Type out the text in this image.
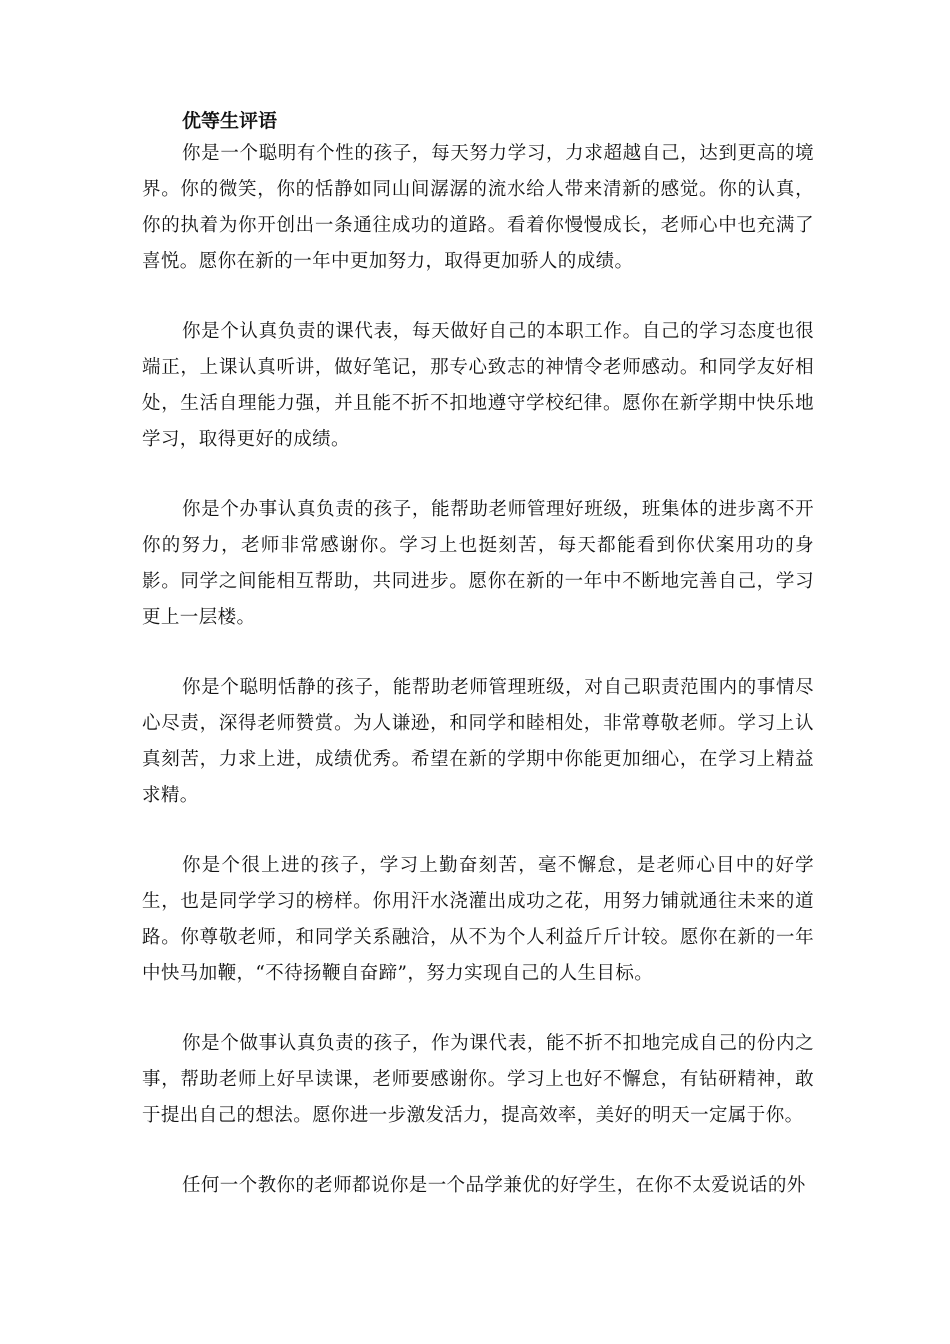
优等生评语

你是一个聪明有个性的孩子，每天努力学习，力求超越自己，达到更高的境界。你的微笑，你的恬静如同山间潺潺的流水给人带来清新的感觉。你的认真，你的执着为你开创出一条通往成功的道路。看着你慢慢成长，老师心中也充满了喜悦。愿你在新的一年中更加努力，取得更加骄人的成绩。

你是个认真负责的课代表，每天做好自己的本职工作。自己的学习态度也很端正，上课认真听讲，做好笔记，那专心致志的神情令老师感动。和同学友好相处，生活自理能力强，并且能不折不扣地遵守学校纪律。愿你在新学期中快乐地学习，取得更好的成绩。

你是个办事认真负责的孩子，能帮助老师管理好班级，班集体的进步离不开你的努力，老师非常感谢你。学习上也挺刻苦，每天都能看到你伏案用功的身影。同学之间能相互帮助，共同进步。愿你在新的一年中不断地完善自己，学习更上一层楼。

你是个聪明恬静的孩子，能帮助老师管理班级，对自己职责范围内的事情尽心尽责，深得老师赞赏。为人谦逊，和同学和睦相处，非常尊敬老师。学习上认真刻苦，力求上进，成绩优秀。希望在新的学期中你能更加细心，在学习上精益求精。

你是个很上进的孩子，学习上勤奋刻苦，毫不懈怠，是老师心目中的好学生，也是同学学习的榜样。你用汗水浇灌出成功之花，用努力铺就通往未来的道路。你尊敬老师，和同学关系融洽，从不为个人利益斤斤计较。愿你在新的一年中快马加鞭，“不待扬鞭自奋蹄”，努力实现自己的人生目标。

你是个做事认真负责的孩子，作为课代表，能不折不扣地完成自己的份内之事，帮助老师上好早读课，老师要感谢你。学习上也好不懈怠，有钻研精神，敢于提出自己的想法。愿你进一步激发活力，提高效率，美好的明天一定属于你。

任何一个教你的老师都说你是一个品学兼优的好学生，在你不太爱说话的外
